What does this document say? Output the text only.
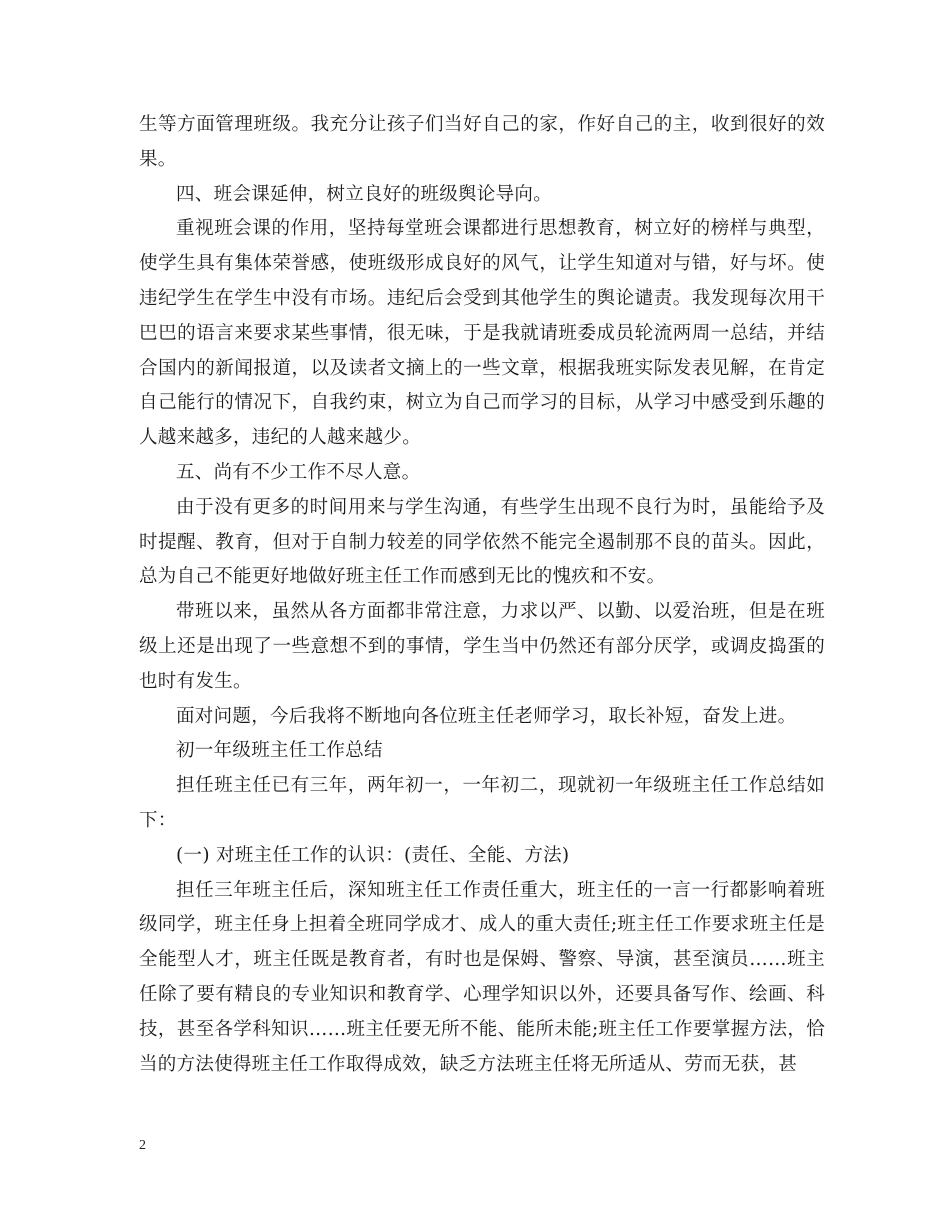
生等方面管理班级。我充分让孩子们当好自己的家，作好自己的主，收到很好的效果。

四、班会课延伸，树立良好的班级舆论导向。

重视班会课的作用，坚持每堂班会课都进行思想教育，树立好的榜样与典型，使学生具有集体荣誉感，使班级形成良好的风气，让学生知道对与错，好与坏。使违纪学生在学生中没有市场。违纪后会受到其他学生的舆论谴责。我发现每次用干巴巴的语言来要求某些事情，很无味，于是我就请班委成员轮流两周一总结，并结合国内的新闻报道，以及读者文摘上的一些文章，根据我班实际发表见解，在肯定自己能行的情况下，自我约束，树立为自己而学习的目标，从学习中感受到乐趣的人越来越多，违纪的人越来越少。

五、尚有不少工作不尽人意。

由于没有更多的时间用来与学生沟通，有些学生出现不良行为时，虽能给予及时提醒、教育，但对于自制力较差的同学依然不能完全遏制那不良的苗头。因此，总为自己不能更好地做好班主任工作而感到无比的愧疚和不安。

带班以来，虽然从各方面都非常注意，力求以严、以勤、以爱治班，但是在班级上还是出现了一些意想不到的事情，学生当中仍然还有部分厌学，或调皮捣蛋的也时有发生。

面对问题，今后我将不断地向各位班主任老师学习，取长补短，奋发上进。

初一年级班主任工作总结

担任班主任已有三年，两年初一，一年初二，现就初一年级班主任工作总结如下：

(一) 对班主任工作的认识：(责任、全能、方法)

担任三年班主任后，深知班主任工作责任重大，班主任的一言一行都影响着班级同学，班主任身上担着全班同学成才、成人的重大责任;班主任工作要求班主任是全能型人才，班主任既是教育者，有时也是保姆、警察、导演，甚至演员……班主任除了要有精良的专业知识和教育学、心理学知识以外，还要具备写作、绘画、科技，甚至各学科知识……班主任要无所不能、能所未能;班主任工作要掌握方法，恰当的方法使得班主任工作取得成效，缺乏方法班主任将无所适从、劳而无获，甚

2
